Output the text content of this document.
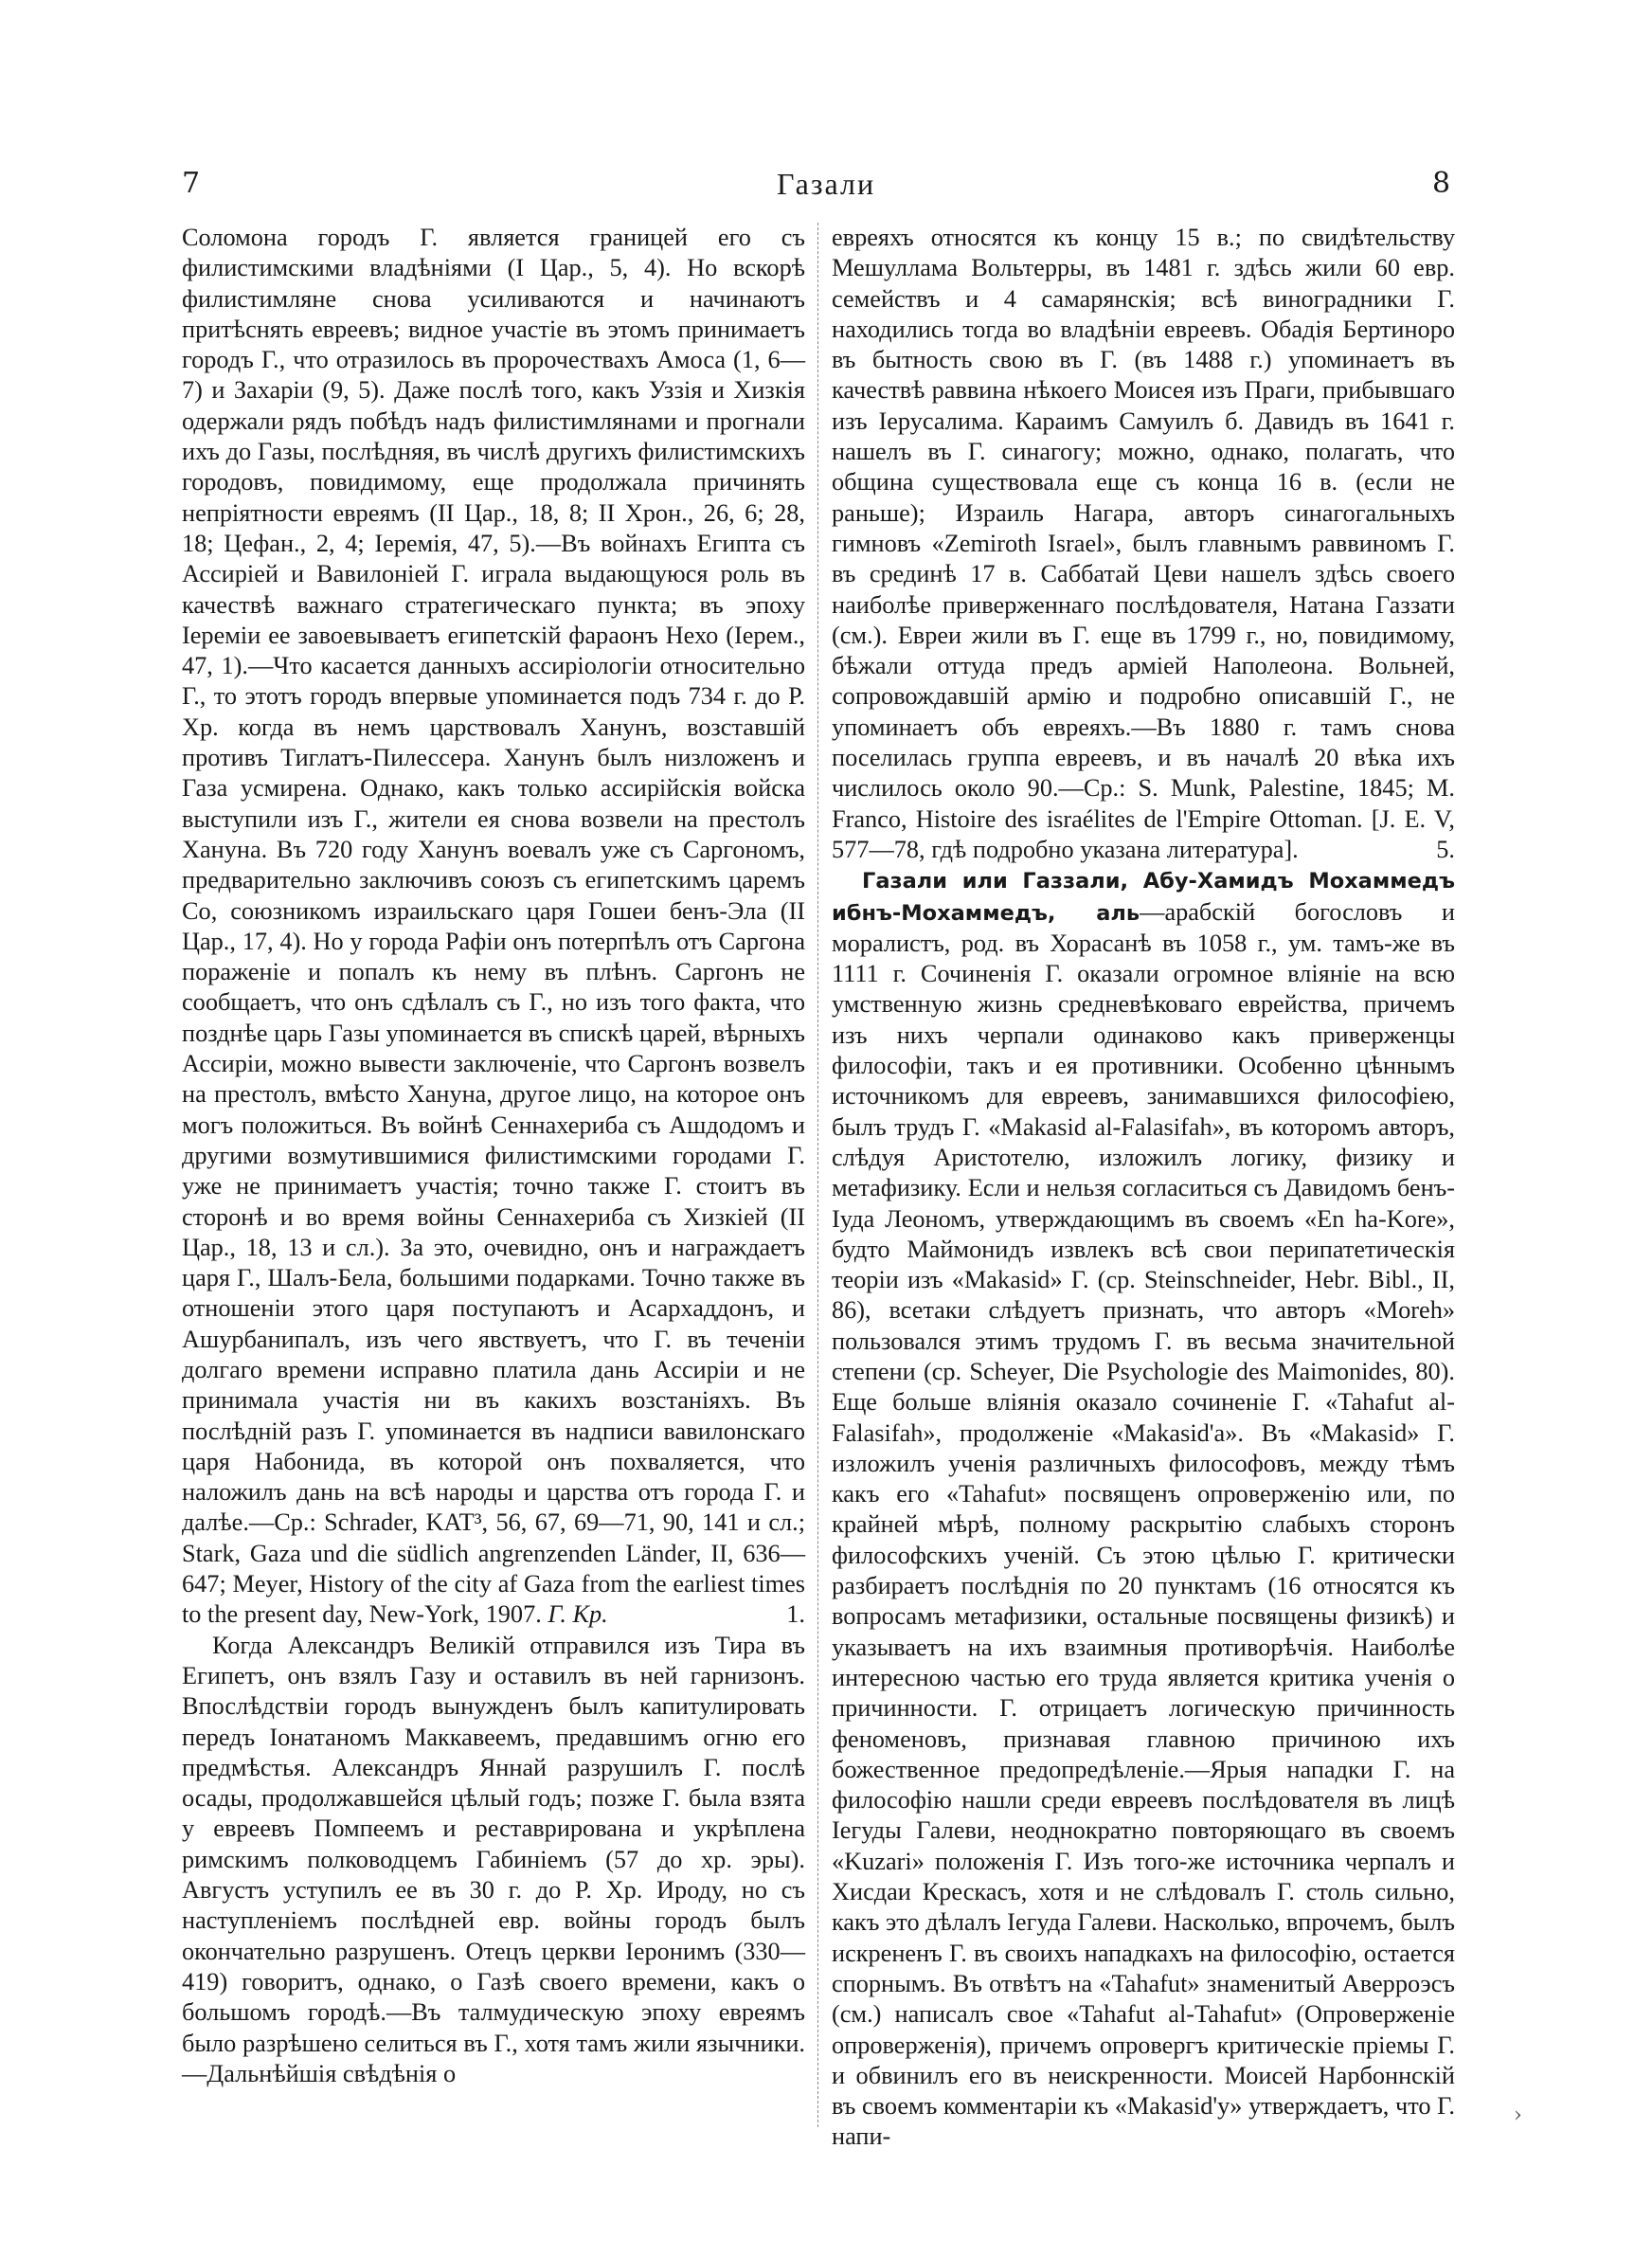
7	Газали	8

Соломона городъ Г. является границей его съ филистимскими владѣніями (I Цар., 5, 4). Но вскорѣ филистимляне снова усиливаются и начинаютъ притѣснять евреевъ; видное участіе въ этомъ принимаетъ городъ Г., что отразилось въ пророчествахъ Амоса (1, 6—7) и Захаріи (9, 5). Даже послѣ того, какъ Уззія и Хизкія одержали рядъ побѣдъ надъ филистимлянами и прогнали ихъ до Газы, послѣдняя, въ числѣ другихъ филистимскихъ городовъ, повидимому, еще продолжала причинять непріятности евреямъ (II Цар., 18, 8; II Хрон., 26, 6; 28, 18; Цефан., 2, 4; Іеремія, 47, 5).—Въ войнахъ Египта съ Ассиріей и Вавилоніей Г. играла выдающуюся роль въ качествѣ важнаго стратегическаго пункта; въ эпоху Іереміи ее завоевываетъ египетскій фараонъ Нехо (Іерем., 47, 1).—Что касается данныхъ ассиріологіи относительно Г., то этотъ городъ впервые упоминается подъ 734 г. до Р. Хр. когда въ немъ царствовалъ Ханунъ, возставшій противъ Тиглатъ-Пилессера. Ханунъ былъ низложенъ и Газа усмирена. Однако, какъ только ассирійскія войска выступили изъ Г., жители ея снова возвели на престолъ Хануна. Въ 720 году Ханунъ воевалъ уже съ Саргономъ, предварительно заключивъ союзъ съ египетскимъ царемъ Со, союзникомъ израильскаго царя Гошеи бенъ-Эла (II Цар., 17, 4). Но у города Рафіи онъ потерпѣлъ отъ Саргона пораженіе и попалъ къ нему въ плѣнъ. Саргонъ не сообщаетъ, что онъ сдѣлалъ съ Г., но изъ того факта, что позднѣе царь Газы упоминается въ спискѣ царей, вѣрныхъ Ассиріи, можно вывести заключеніе, что Саргонъ возвелъ на престолъ, вмѣсто Хануна, другое лицо, на которое онъ могъ положиться. Въ войнѣ Сеннахериба съ Ашдодомъ и другими возмутившимися филистимскими городами Г. уже не принимаетъ участія; точно также Г. стоитъ въ сторонѣ и во время войны Сеннахериба съ Хизкіей (II Цар., 18, 13 и сл.). За это, очевидно, онъ и награждаетъ царя Г., Шалъ-Бела, большими подарками. Точно также въ отношеніи этого царя поступаютъ и Асархаддонъ, и Ашурбанипалъ, изъ чего явствуетъ, что Г. въ теченіи долгаго времени исправно платила дань Ассиріи и не принимала участія ни въ какихъ возстаніяхъ. Въ послѣдній разъ Г. упоминается въ надписи вавилонскаго царя Набонида, въ которой онъ похваляется, что наложилъ дань на всѣ народы и царства отъ города Г. и далѣе.—Ср.: Schrader, KAT³, 56, 67, 69—71, 90, 141 и сл.; Stark, Gaza und die südlich angrenzenden Länder, II, 636—647; Meyer, History of the city af Gaza from the earliest times to the present day, New-York, 1907. Г. Кр.	1.

Когда Александръ Великій отправился изъ Тира въ Египетъ, онъ взялъ Газу и оставилъ въ ней гарнизонъ. Впослѣдствіи городъ вынужденъ былъ капитулировать передъ Іонатаномъ Маккавеемъ, предавшимъ огню его предмѣстья. Александръ Яннай разрушилъ Г. послѣ осады, продолжавшейся цѣлый годъ; позже Г. была взята у евреевъ Помпеемъ и реставрирована и укрѣплена римскимъ полководцемъ Габиніемъ (57 до хр. эры). Августъ уступилъ ее въ 30 г. до Р. Хр. Ироду, но съ наступленіемъ послѣдней евр. войны городъ былъ окончательно разрушенъ. Отецъ церкви Іеронимъ (330—419) говоритъ, однако, о Газѣ своего времени, какъ о большомъ городѣ.—Въ талмудическую эпоху евреямъ было разрѣшено селиться въ Г., хотя тамъ жили язычники.—Дальнѣйшія свѣдѣнія о

евреяхъ относятся къ концу 15 в.; по свидѣтельству Мешуллама Вольтерры, въ 1481 г. здѣсь жили 60 евр. семействъ и 4 самарянскія; всѣ виноградники Г. находились тогда во владѣніи евреевъ. Обадія Бертиноро въ бытность свою въ Г. (въ 1488 г.) упоминаетъ въ качествѣ раввина нѣкоего Моисея изъ Праги, прибывшаго изъ Іерусалима. Караимъ Самуилъ б. Давидъ въ 1641 г. нашелъ въ Г. синагогу; можно, однако, полагать, что община существовала еще съ конца 16 в. (если не раньше); Израиль Нагара, авторъ синагогальныхъ гимновъ «Zemiroth Israel», былъ главнымъ раввиномъ Г. въ срединѣ 17 в. Саббатай Цеви нашелъ здѣсь своего наиболѣе приверженнаго послѣдователя, Натана Газзати (см.). Евреи жили въ Г. еще въ 1799 г., но, повидимому, бѣжали оттуда предъ арміей Наполеона. Вольней, сопровождавшій армію и подробно описавшій Г., не упоминаетъ объ евреяхъ.—Въ 1880 г. тамъ снова поселилась группа евреевъ, и въ началѣ 20 вѣка ихъ числилось около 90.—Ср.: S. Munk, Palestine, 1845; M. Franco, Histoire des israélites de l'Empire Ottoman. [J. E. V, 577—78, гдѣ подробно указана литература].	5.

Газали или Газзали, Абу-Хамидъ Мохаммедъ ибнъ-Мохаммедъ, аль—арабскій богословъ и моралистъ, род. въ Хорасанѣ въ 1058 г., ум. тамъ-же въ 1111 г. Сочиненія Г. оказали огромное вліяніе на всю умственную жизнь средневѣковаго еврейства, причемъ изъ нихъ черпали одинаково какъ приверженцы философіи, такъ и ея противники. Особенно цѣннымъ источникомъ для евреевъ, занимавшихся философіею, былъ трудъ Г. «Makasid al-Falasifah», въ которомъ авторъ, слѣдуя Аристотелю, изложилъ логику, физику и метафизику. Если и нельзя согласиться съ Давидомъ бенъ-Іуда Леономъ, утверждающимъ въ своемъ «En ha-Kore», будто Маймонидъ извлекъ всѣ свои перипатетическія теоріи изъ «Makasid» Г. (ср. Steinschneider, Hebr. Bibl., II, 86), всетаки слѣдуетъ признать, что авторъ «Moreh» пользовался этимъ трудомъ Г. въ весьма значительной степени (ср. Scheyer, Die Psychologie des Maimonides, 80). Еще больше вліянія оказало сочиненіе Г. «Tahafut al-Falasifah», продолженіе «Makasid'a». Въ «Makasid» Г. изложилъ ученія различныхъ философовъ, между тѣмъ какъ его «Tahafut» посвященъ опроверженію или, по крайней мѣрѣ, полному раскрытію слабыхъ сторонъ философскихъ ученій. Съ этою цѣлью Г. критически разбираетъ послѣднія по 20 пунктамъ (16 относятся къ вопросамъ метафизики, остальные посвящены физикѣ) и указываетъ на ихъ взаимныя противорѣчія. Наиболѣе интересною частью его труда является критика ученія о причинности. Г. отрицаетъ логическую причинность феноменовъ, признавая главною причиною ихъ божественное предопредѣленіе.—Ярыя нападки Г. на философію нашли среди евреевъ послѣдователя въ лицѣ Іегуды Галеви, неоднократно повторяющаго въ своемъ «Kuzari» положенія Г. Изъ того-же источника черпалъ и Хисдаи Крескасъ, хотя и не слѣдовалъ Г. столь сильно, какъ это дѣлалъ Іегуда Галеви. Насколько, впрочемъ, былъ искрененъ Г. въ своихъ нападкахъ на философію, остается спорнымъ. Въ отвѣтъ на «Tahafut» знаменитый Аверроэсъ (см.) написалъ свое «Tahafut al-Tahafut» (Опроверженіе опроверженія), причемъ опровергъ критическіе пріемы Г. и обвинилъ его въ неискренности. Моисей Нарбоннскій въ своемъ комментаріи къ «Makasid'y» утверждаетъ, что Г. напи-

›
